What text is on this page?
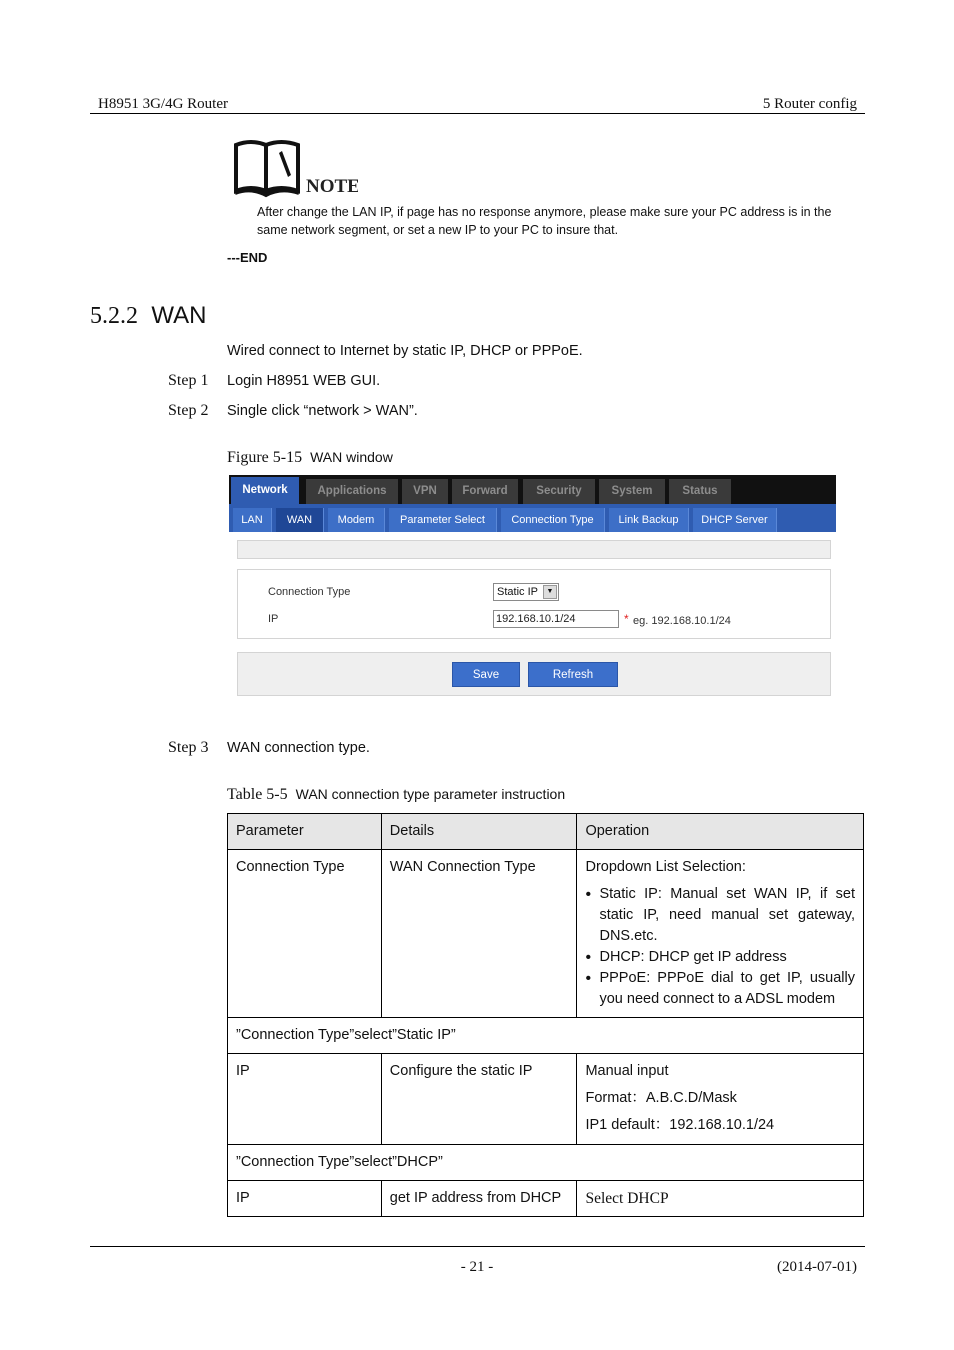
H8951 3G/4G Router	5 Router config
NOTE
After change the LAN IP, if page has no response anymore, please make sure your PC address is in the same network segment, or set a new IP to your PC to insure that.
---END
5.2.2 WAN
Wired connect to Internet by static IP, DHCP or PPPoE.
Step 1 Login H8951 WEB GUI.
Step 2 Single click “network > WAN”.
Figure 5-15 WAN window
Network	Applications	VPN	Forward	Security	System	Status
LAN	WAN	Modem	Parameter Select	Connection Type	Link Backup	DHCP Server
Connection Type	Static IP	▼
IP
192.168.10.1/24	* eg. 192.168.10.1/24
Save	Refresh
Step 3 WAN connection type.
Table 5-5 WAN connection type parameter instruction
Parameter	Details	Operation
Connection Type	WAN Connection Type	Dropdown List Selection:
• Static IP: Manual set WAN IP, if set static IP, need manual set gateway, DNS.etc.
• DHCP: DHCP get IP address
• PPPoE: PPPoE dial to get IP, usually you need connect to a ADSL modem

”Connection Type”select”Static IP”		
IP	Configure the static IP	Manual input
Format：A.B.C.D/Mask
IP1 default：192.168.10.1/24

”Connection Type”select”DHCP”		
IP	get IP address from DHCP	Select DHCP
- 21 -	(2014-07-01)
